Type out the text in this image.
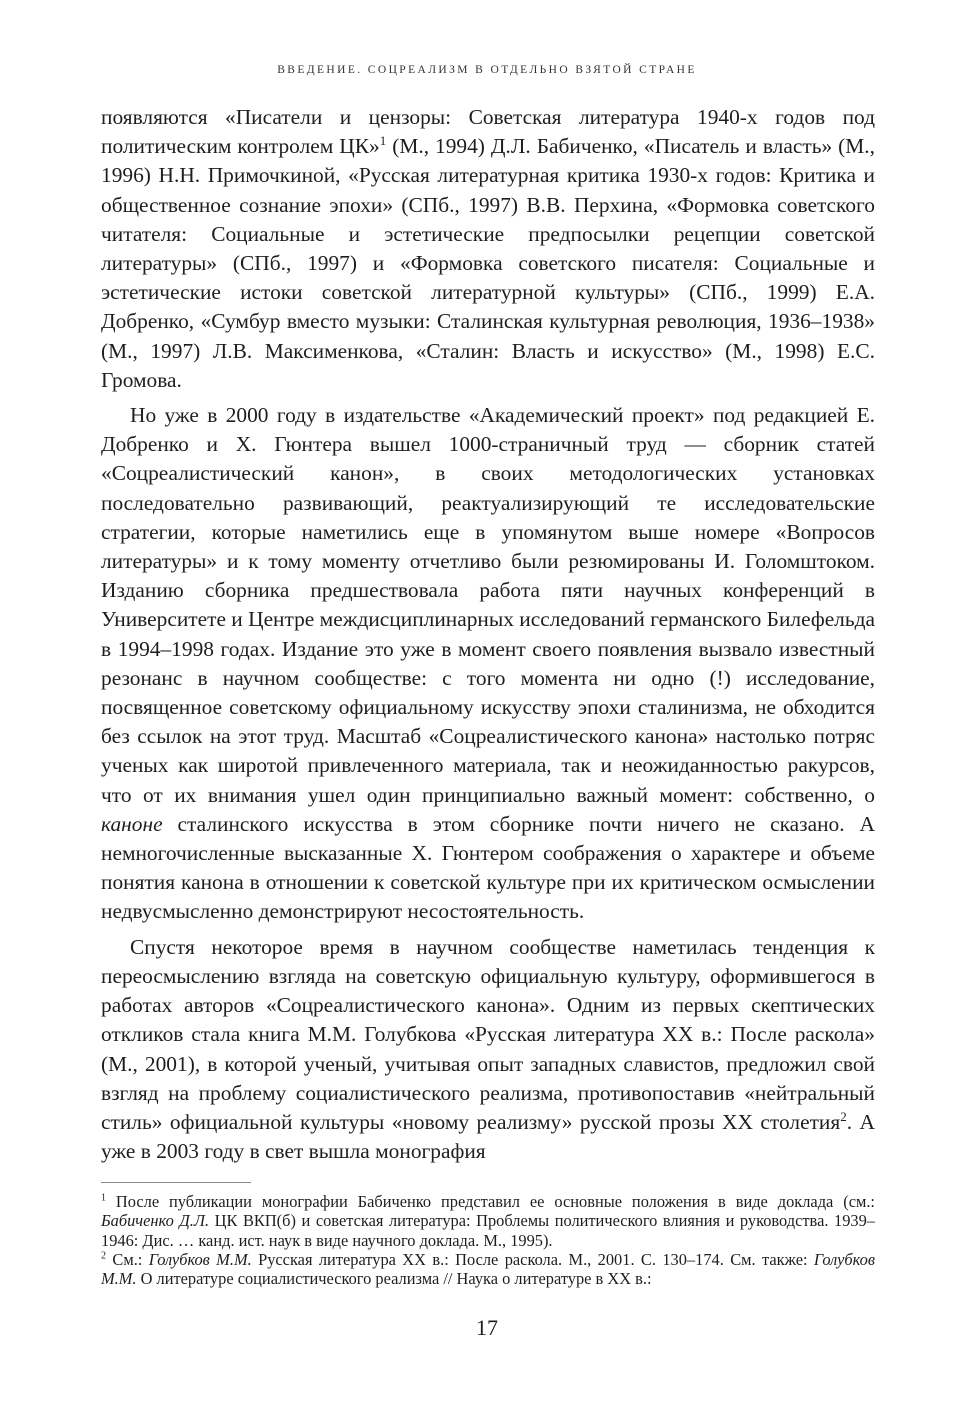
ВВЕДЕНИЕ. СОЦРЕАЛИЗМ В ОТДЕЛЬНО ВЗЯТОЙ СТРАНЕ

появляются «Писатели и цензоры: Советская литература 1940-х годов под политическим контролем ЦК»$^1$ (М., 1994) Д.Л. Бабиченко, «Писатель и власть» (М., 1996) Н.Н. Примочкиной, «Русская литературная критика 1930-х годов: Критика и общественное сознание эпохи» (СПб., 1997) В.В. Перхина, «Формовка советского читателя: Социальные и эстетические предпосылки рецепции советской литературы» (СПб., 1997) и «Формовка советского писателя: Социальные и эстетические истоки советской литературной культуры» (СПб., 1999) Е.А. Добренко, «Сумбур вместо музыки: Сталинская культурная революция, 1936–1938» (М., 1997) Л.В. Максименкова, «Сталин: Власть и искусство» (М., 1998) Е.С. Громова.

Но уже в 2000 году в издательстве «Академический проект» под редакцией Е. Добренко и Х. Гюнтера вышел 1000-страничный труд — сборник статей «Соцреалистический канон», в своих методологических установках последовательно развивающий, реактуализирующий те исследовательские стратегии, которые наметились еще в упомянутом выше номере «Вопросов литературы» и к тому моменту отчетливо были резюмированы И. Голомштоком. Изданию сборника предшествовала работа пяти научных конференций в Университете и Центре междисциплинарных исследований германского Билефельда в 1994–1998 годах. Издание это уже в момент своего появления вызвало известный резонанс в научном сообществе: с того момента ни одно (!) исследование, посвященное советскому официальному искусству эпохи сталинизма, не обходится без ссылок на этот труд. Масштаб «Соцреалистического канона» настолько потряс ученых как широтой привлеченного материала, так и неожиданностью ракурсов, что от их внимания ушел один принципиально важный момент: собственно, о каноне сталинского искусства в этом сборнике почти ничего не сказано. А немногочисленные высказанные Х. Гюнтером соображения о характере и объеме понятия канона в отношении к советской культуре при их критическом осмыслении недвусмысленно демонстрируют несостоятельность.

Спустя некоторое время в научном сообществе наметилась тенденция к переосмыслению взгляда на советскую официальную культуру, оформившегося в работах авторов «Соцреалистического канона». Одним из первых скептических откликов стала книга М.М. Голубкова «Русская литература XX в.: После раскола» (М., 2001), в которой ученый, учитывая опыт западных славистов, предложил свой взгляд на проблему социалистического реализма, противопоставив «нейтральный стиль» официальной культуры «новому реализму» русской прозы XX столетия$^2$. А уже в 2003 году в свет вышла монография

$^1$ После публикации монографии Бабиченко представил ее основные положения в виде доклада (см.: Бабиченко Д.Л. ЦК ВКП(б) и советская литература: Проблемы политического влияния и руководства. 1939–1946: Дис. … канд. ист. наук в виде научного доклада. М., 1995).

$^2$ См.: Голубков М.М. Русская литература XX в.: После раскола. М., 2001. С. 130–174. См. также: Голубков М.М. О литературе социалистического реализма // Наука о литературе в XX в.:

17
